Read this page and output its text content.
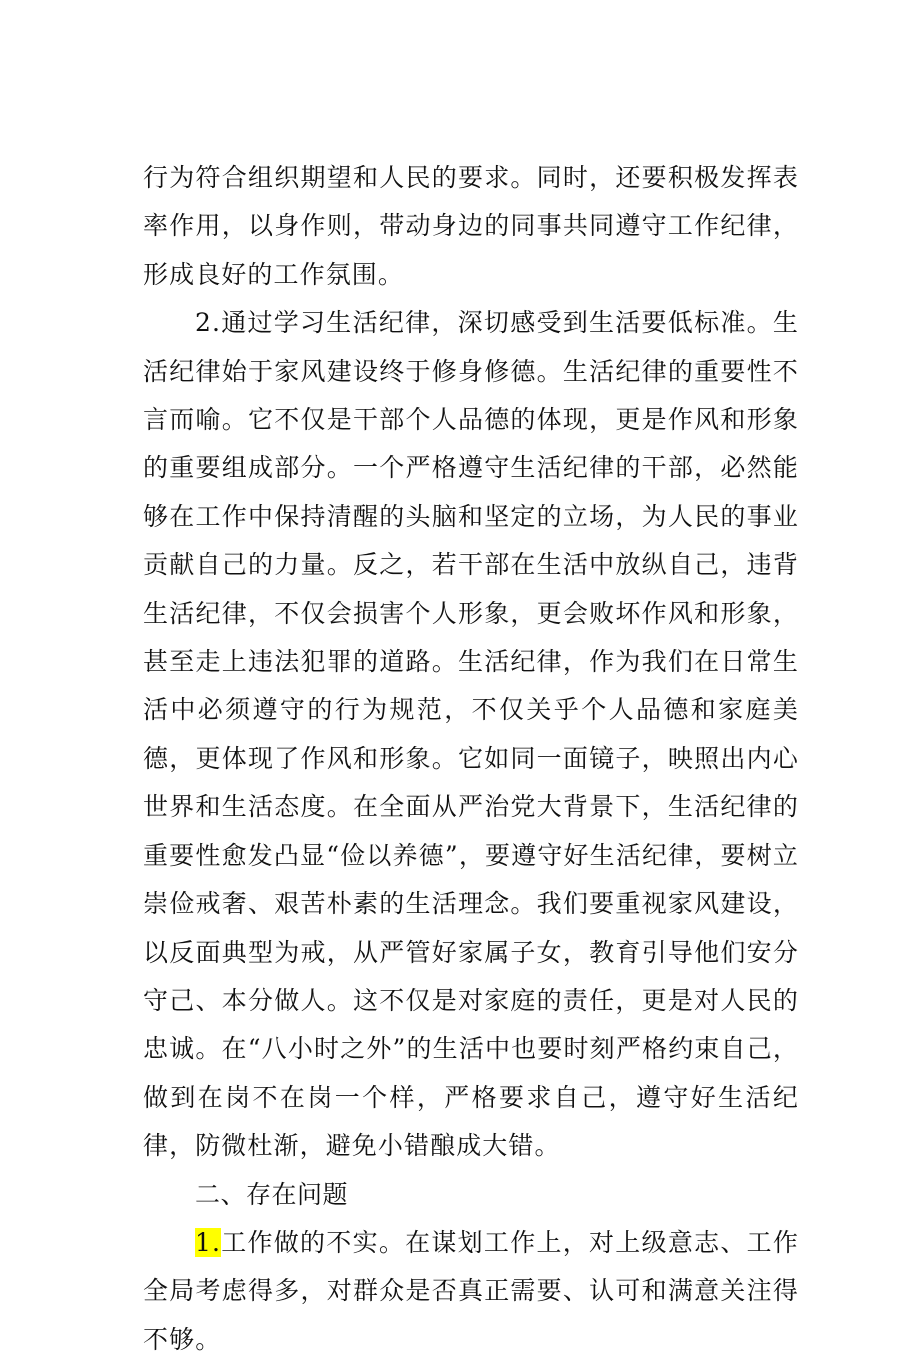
行为符合组织期望和人民的要求。同时，还要积极发挥表率作用，以身作则，带动身边的同事共同遵守工作纪律，形成良好的工作氛围。

2.通过学习生活纪律，深切感受到生活要低标准。生活纪律始于家风建设终于修身修德。生活纪律的重要性不言而喻。它不仅是干部个人品德的体现，更是作风和形象的重要组成部分。一个严格遵守生活纪律的干部，必然能够在工作中保持清醒的头脑和坚定的立场，为人民的事业贡献自己的力量。反之，若干部在生活中放纵自己，违背生活纪律，不仅会损害个人形象，更会败坏作风和形象，甚至走上违法犯罪的道路。生活纪律，作为我们在日常生活中必须遵守的行为规范，不仅关乎个人品德和家庭美德，更体现了作风和形象。它如同一面镜子，映照出内心世界和生活态度。在全面从严治党大背景下，生活纪律的重要性愈发凸显“俭以养德”，要遵守好生活纪律，要树立崇俭戒奢、艰苦朴素的生活理念。我们要重视家风建设，以反面典型为戒，从严管好家属子女，教育引导他们安分守己、本分做人。这不仅是对家庭的责任，更是对人民的忠诚。在“八小时之外”的生活中也要时刻严格约束自己，做到在岗不在岗一个样，严格要求自己，遵守好生活纪律，防微杜渐，避免小错酿成大错。

二、存在问题

1.工作做的不实。在谋划工作上，对上级意志、工作全局考虑得多，对群众是否真正需要、认可和满意关注得不够。
